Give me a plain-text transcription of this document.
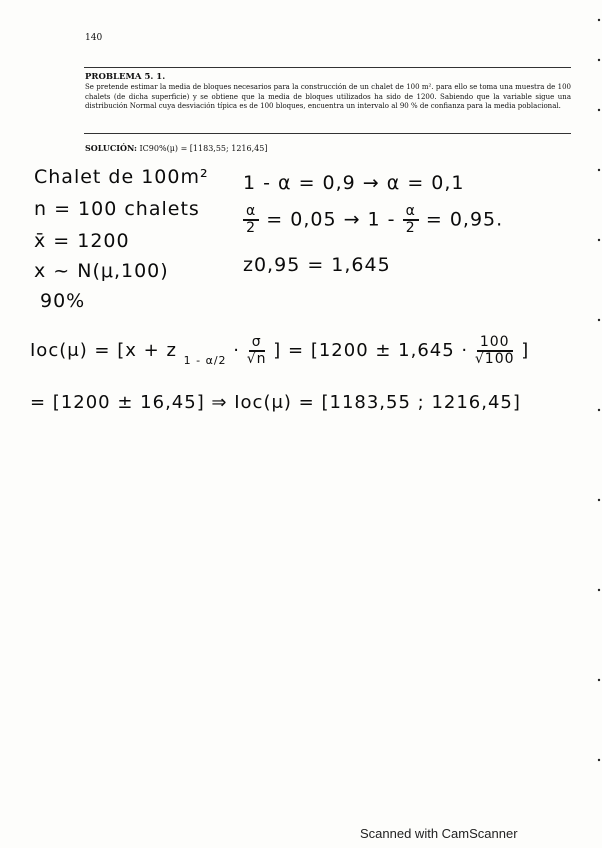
140
PROBLEMA 5. 1.
Se pretende estimar la media de bloques necesarios para la construcción de un chalet de 100 m². para ello se toma una muestra de 100 chalets (de dicha superficie) y se obtiene que la media de bloques utilizados ha sido de 1200. Sabiendo que la variable sigue una distribución Normal cuya desviación típica es de 100 bloques, encuentra un intervalo al 90 % de confianza para la media poblacional.
SOLUCIÓN: IC90%(μ) = [1183,55; 1216,45]
Chalet de 100m²
n = 100 chalets
x̄ = 1200
x ~ N(μ,100)
90%
1 - α = 0,9 → α = 0,1
$\frac{\alpha}{2} = 0,05 \to 1 - \frac{\alpha}{2} = 0,95$.
z0,95 = 1,645
Ioc(μ) = [x + z $_{1 - \alpha/2} \cdot \frac{\sigma}{√n}$ ] = [$1200 \pm 1,645 \cdot \frac{100}{√100}$ ]
= [1200 ± 16,45] ⇒ Ioc(μ) = [1183,55 ; 1216,45]
Scanned with CamScanner
